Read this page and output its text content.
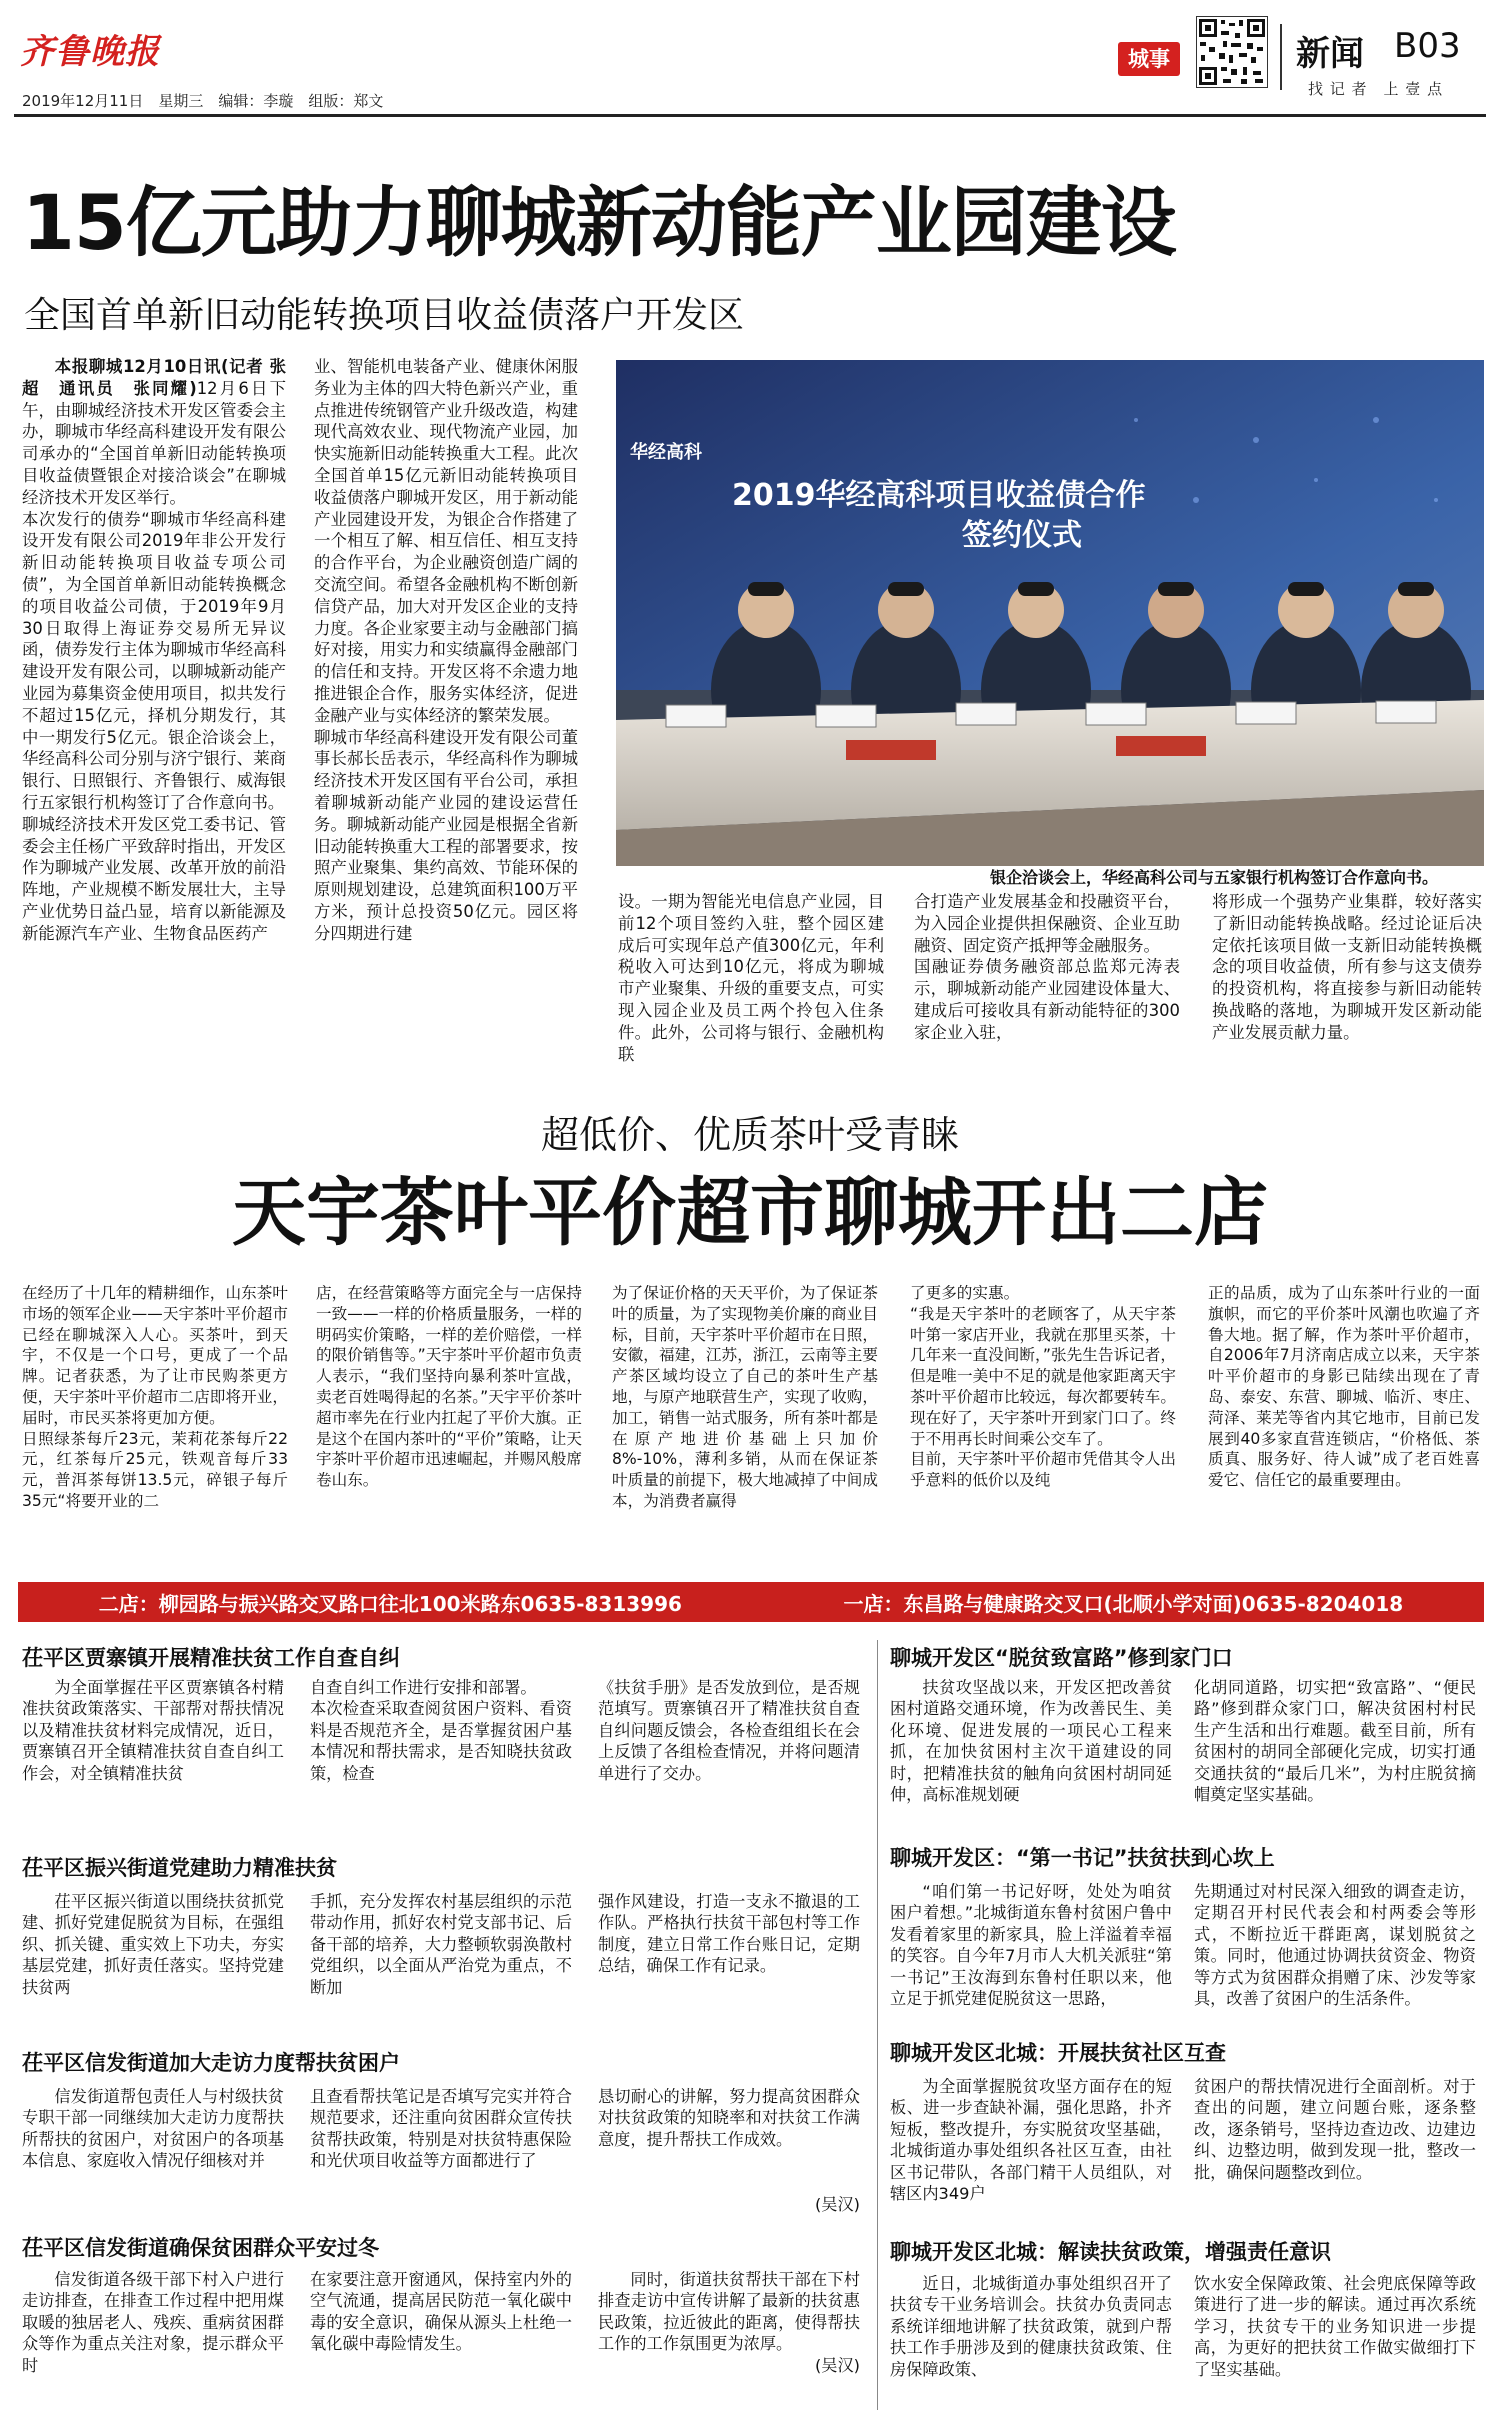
齐鲁晚报
2019年12月11日　星期三　编辑：李璇　组版：郑文
城事	新闻 B03
找 记 者　上 壹 点
15亿元助力聊城新动能产业园建设
全国首单新旧动能转换项目收益债落户开发区

本报聊城12月10日讯(记者 张超　通讯员　张同耀)12月6日下午，由聊城经济技术开发区管委会主办，聊城市华经高科建设开发有限公司承办的“全国首单新旧动能转换项目收益债暨银企对接洽谈会”在聊城经济技术开发区举行。
本次发行的债券“聊城市华经高科建设开发有限公司2019年非公开发行新旧动能转换项目收益专项公司债”，为全国首单新旧动能转换概念的项目收益公司债，于2019年9月30日取得上海证券交易所无异议函，债券发行主体为聊城市华经高科建设开发有限公司，以聊城新动能产业园为募集资金使用项目，拟共发行不超过15亿元，择机分期发行，其中一期发行5亿元。银企洽谈会上，华经高科公司分别与济宁银行、莱商银行、日照银行、齐鲁银行、威海银行五家银行机构签订了合作意向书。
聊城经济技术开发区党工委书记、管委会主任杨广平致辞时指出，开发区作为聊城产业发展、改革开放的前沿阵地，产业规模不断发展壮大，主导产业优势日益凸显，培育以新能源及新能源汽车产业、生物食品医药产

业、智能机电装备产业、健康休闲服务业为主体的四大特色新兴产业，重点推进传统钢管产业升级改造，构建现代高效农业、现代物流产业园，加快实施新旧动能转换重大工程。此次全国首单15亿元新旧动能转换项目收益债落户聊城开发区，用于新动能产业园建设开发，为银企合作搭建了一个相互了解、相互信任、相互支持的合作平台，为企业融资创造广阔的交流空间。希望各金融机构不断创新信贷产品，加大对开发区企业的支持力度。各企业家要主动与金融部门搞好对接，用实力和实绩赢得金融部门的信任和支持。开发区将不余遗力地推进银企合作，服务实体经济，促进金融产业与实体经济的繁荣发展。
聊城市华经高科建设开发有限公司董事长郝长岳表示，华经高科作为聊城经济技术开发区国有平台公司，承担着聊城新动能产业园的建设运营任务。聊城新动能产业园是根据全省新旧动能转换重大工程的部署要求，按照产业聚集、集约高效、节能环保的原则规划建设，总建筑面积100万平方米，预计总投资50亿元。园区将分四期进行建

华经高科
2019华经高科项目收益债合作
签约仪式
银企洽谈会上，华经高科公司与五家银行机构签订合作意向书。

设。一期为智能光电信息产业园，目前12个项目签约入驻，整个园区建成后可实现年总产值300亿元，年利税收入可达到10亿元，将成为聊城市产业聚集、升级的重要支点，可实现入园企业及员工两个拎包入住条件。此外，公司将与银行、金融机构联

合打造产业发展基金和投融资平台，为入园企业提供担保融资、企业互助融资、固定资产抵押等金融服务。
国融证券债务融资部总监郑元涛表示，聊城新动能产业园建设体量大、建成后可接收具有新动能特征的300家企业入驻，

将形成一个强势产业集群，较好落实了新旧动能转换战略。经过论证后决定依托该项目做一支新旧动能转换概念的项目收益债，所有参与这支债券的投资机构，将直接参与新旧动能转换战略的落地，为聊城开发区新动能产业发展贡献力量。

超低价、优质茶叶受青睐
天宇茶叶平价超市聊城开出二店

在经历了十几年的精耕细作，山东茶叶市场的领军企业——天宇茶叶平价超市已经在聊城深入人心。买茶叶，到天宇，不仅是一个口号，更成了一个品牌。记者获悉，为了让市民购茶更方便，天宇茶叶平价超市二店即将开业，届时，市民买茶将更加方便。
日照绿茶每斤23元，茉莉花茶每斤22元，红茶每斤25元，铁观音每斤33元，普洱茶每饼13.5元，碎银子每斤35元“将要开业的二

店，在经营策略等方面完全与一店保持一致——一样的价格质量服务，一样的明码实价策略，一样的差价赔偿，一样的限价销售等。”天宇茶叶平价超市负责人表示，“我们坚持向暴利茶叶宣战，卖老百姓喝得起的名茶。”天宇平价茶叶超市率先在行业内扛起了平价大旗。正是这个在国内茶叶的“平价”策略，让天宇茶叶平价超市迅速崛起，并赐风般席卷山东。

为了保证价格的天天平价，为了保证茶叶的质量，为了实现物美价廉的商业目标，目前，天宇茶叶平价超市在日照，安徽，福建，江苏，浙江，云南等主要产茶区域均设立了自己的茶叶生产基地，与原产地联营生产，实现了收购，加工，销售一站式服务，所有茶叶都是在原产地进价基础上只加价8%-10%，薄利多销，从而在保证茶叶质量的前提下，极大地减掉了中间成本，为消费者赢得

了更多的实惠。
“我是天宇茶叶的老顾客了，从天宇茶叶第一家店开业，我就在那里买茶，十几年来一直没间断，”张先生告诉记者，但是唯一美中不足的就是他家距离天宇茶叶平价超市比较远，每次都要转车。现在好了，天宇茶叶开到家门口了。终于不用再长时间乘公交车了。
目前，天宇茶叶平价超市凭借其令人出乎意料的低价以及纯

正的品质，成为了山东茶叶行业的一面旗帜，而它的平价茶叶风潮也吹遍了齐鲁大地。据了解，作为茶叶平价超市，自2006年7月济南店成立以来，天宇茶叶平价超市的身影已陆续出现在了青岛、泰安、东营、聊城、临沂、枣庄、菏泽、莱芜等省内其它地市，目前已发展到40多家直营连锁店，“价格低、茶质真、服务好、待人诚”成了老百姓喜爱它、信任它的最重要理由。

二店：柳园路与振兴路交叉路口往北100米路东0635-8313996	一店：东昌路与健康路交叉口(北顺小学对面)0635-8204018
茌平区贾寨镇开展精准扶贫工作自查自纠
为全面掌握茌平区贾寨镇各村精准扶贫政策落实、干部帮对帮扶情况以及精准扶贫材料完成情况，近日，贾寨镇召开全镇精准扶贫自查自纠工作会，对全镇精准扶贫
自查自纠工作进行安排和部署。
本次检查采取查阅贫困户资料、看资料是否规范齐全，是否掌握贫困户基本情况和帮扶需求，是否知晓扶贫政策，检查
《扶贫手册》是否发放到位，是否规范填写。贾寨镇召开了精准扶贫自查自纠问题反馈会，各检查组组长在会上反馈了各组检查情况，并将问题清单进行了交办。
茌平区振兴街道党建助力精准扶贫
茌平区振兴街道以围绕扶贫抓党建、抓好党建促脱贫为目标，在强组织、抓关键、重实效上下功夫，夯实基层党建，抓好责任落实。坚持党建扶贫两
手抓，充分发挥农村基层组织的示范带动作用，抓好农村党支部书记、后备干部的培养，大力整顿软弱涣散村党组织，以全面从严治党为重点，不断加
强作风建设，打造一支永不撤退的工作队。严格执行扶贫干部包村等工作制度，建立日常工作台账日记，定期总结，确保工作有记录。
茌平区信发街道加大走访力度帮扶贫困户
信发街道帮包责任人与村级扶贫专职干部一同继续加大走访力度帮扶所帮扶的贫困户，对贫困户的各项基本信息、家庭收入情况仔细核对并
且查看帮扶笔记是否填写完实并符合规范要求，还注重向贫困群众宣传扶贫帮扶政策，特别是对扶贫特惠保险和光伏项目收益等方面都进行了
恳切耐心的讲解，努力提高贫困群众对扶贫政策的知晓率和对扶贫工作满意度，提升帮扶工作成效。
(吴汉)
茌平区信发街道确保贫困群众平安过冬
信发街道各级干部下村入户进行走访排查，在排查工作过程中把用煤取暖的独居老人、残疾、重病贫困群众等作为重点关注对象，提示群众平时
在家要注意开窗通风，保持室内外的空气流通，提高居民防范一氧化碳中毒的安全意识，确保从源头上杜绝一氧化碳中毒险情发生。
同时，街道扶贫帮扶干部在下村排查走访中宣传讲解了最新的扶贫惠民政策，拉近彼此的距离，使得帮扶工作的工作氛围更为浓厚。
(吴汉)
聊城开发区“脱贫致富路”修到家门口
扶贫攻坚战以来，开发区把改善贫困村道路交通环境，作为改善民生、美化环境、促进发展的一项民心工程来抓，在加快贫困村主次干道建设的同时，把精准扶贫的触角向贫困村胡同延伸，高标准规划硬
化胡同道路，切实把“致富路”、“便民路”修到群众家门口，解决贫困村村民生产生活和出行难题。截至目前，所有贫困村的胡同全部硬化完成，切实打通交通扶贫的“最后几米”，为村庄脱贫摘帽奠定坚实基础。
聊城开发区：“第一书记”扶贫扶到心坎上
“咱们第一书记好呀，处处为咱贫困户着想。”北城街道东鲁村贫困户鲁中发看着家里的新家具，脸上洋溢着幸福的笑容。自今年7月市人大机关派驻“第一书记”王汝海到东鲁村任职以来，他立足于抓党建促脱贫这一思路，
先期通过对村民深入细致的调查走访，定期召开村民代表会和村两委会等形式，不断拉近干群距离，谋划脱贫之策。同时，他通过协调扶贫资金、物资等方式为贫困群众捐赠了床、沙发等家具，改善了贫困户的生活条件。
聊城开发区北城：开展扶贫社区互查
为全面掌握脱贫攻坚方面存在的短板、进一步查缺补漏，强化思路，扑齐短板，整改提升，夯实脱贫攻坚基础，北城街道办事处组织各社区互查，由社区书记带队，各部门精干人员组队，对辖区内349户
贫困户的帮扶情况进行全面剖析。对于查出的问题，建立问题台账，逐条整改，逐条销号，坚持边查边改、边建边纠、边整边明，做到发现一批，整改一批，确保问题整改到位。
聊城开发区北城：解读扶贫政策，增强责任意识
近日，北城街道办事处组织召开了扶贫专干业务培训会。扶贫办负责同志系统详细地讲解了扶贫政策，就到户帮扶工作手册涉及到的健康扶贫政策、住房保障政策、
饮水安全保障政策、社会兜底保障等政策进行了进一步的解读。通过再次系统学习，扶贫专干的业务知识进一步提高，为更好的把扶贫工作做实做细打下了坚实基础。
